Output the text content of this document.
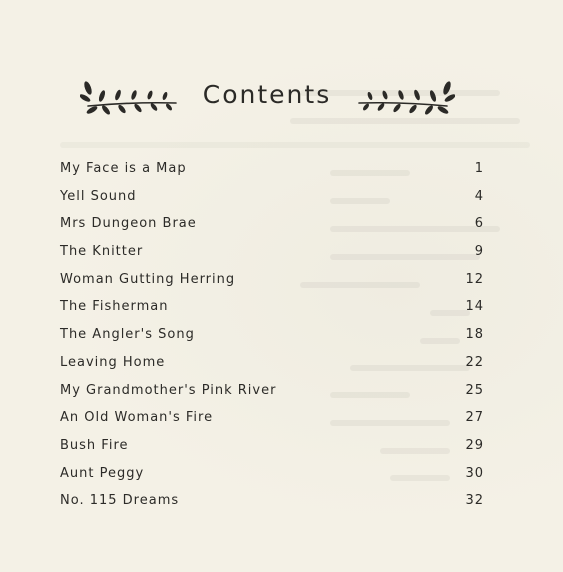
Contents
My Face is a Map	1
Yell Sound	4
Mrs Dungeon Brae	6
The Knitter	9
Woman Gutting Herring	12
The Fisherman	14
The Angler's Song	18
Leaving Home	22
My Grandmother's Pink River	25
An Old Woman's Fire	27
Bush Fire	29
Aunt Peggy	30
No. 115 Dreams	32
